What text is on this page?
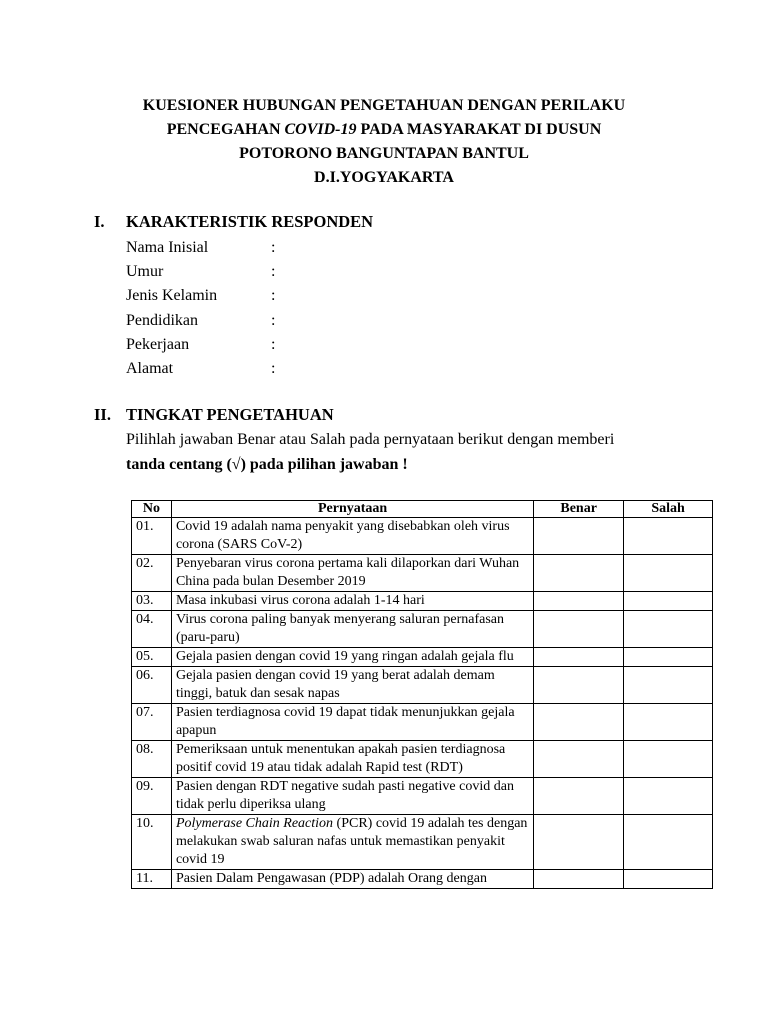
KUESIONER HUBUNGAN PENGETAHUAN DENGAN PERILAKU
PENCEGAHAN COVID-19 PADA MASYARAKAT DI DUSUN
POTORONO BANGUNTAPAN BANTUL
D.I.YOGYAKARTA
I. KARAKTERISTIK RESPONDEN
Nama Inisial	:
Umur	:
Jenis Kelamin	:
Pendidikan	:
Pekerjaan	:
Alamat	:
II. TINGKAT PENGETAHUAN
Pilihlah jawaban Benar atau Salah pada pernyataan berikut dengan memberi
tanda centang (√) pada pilihan jawaban !
No	Pernyataan	Benar	Salah
01.	Covid 19 adalah nama penyakit yang disebabkan oleh virus corona (SARS CoV-2)		
02.	Penyebaran virus corona pertama kali dilaporkan dari Wuhan China pada bulan Desember 2019		
03.	Masa inkubasi virus corona adalah 1-14 hari		
04.	Virus corona paling banyak menyerang saluran pernafasan (paru-paru)		
05.	Gejala pasien dengan covid 19 yang ringan adalah gejala flu		
06.	Gejala pasien dengan covid 19 yang berat adalah demam tinggi, batuk dan sesak napas		
07.	Pasien terdiagnosa covid 19 dapat tidak menunjukkan gejala apapun		
08.	Pemeriksaan untuk menentukan apakah pasien terdiagnosa positif covid 19 atau tidak adalah Rapid test (RDT)		
09.	Pasien dengan RDT negative sudah pasti negative covid dan tidak perlu diperiksa ulang		
10.	Polymerase Chain Reaction (PCR) covid 19 adalah tes dengan melakukan swab saluran nafas untuk memastikan penyakit covid 19		
11.	Pasien Dalam Pengawasan (PDP) adalah Orang dengan		
